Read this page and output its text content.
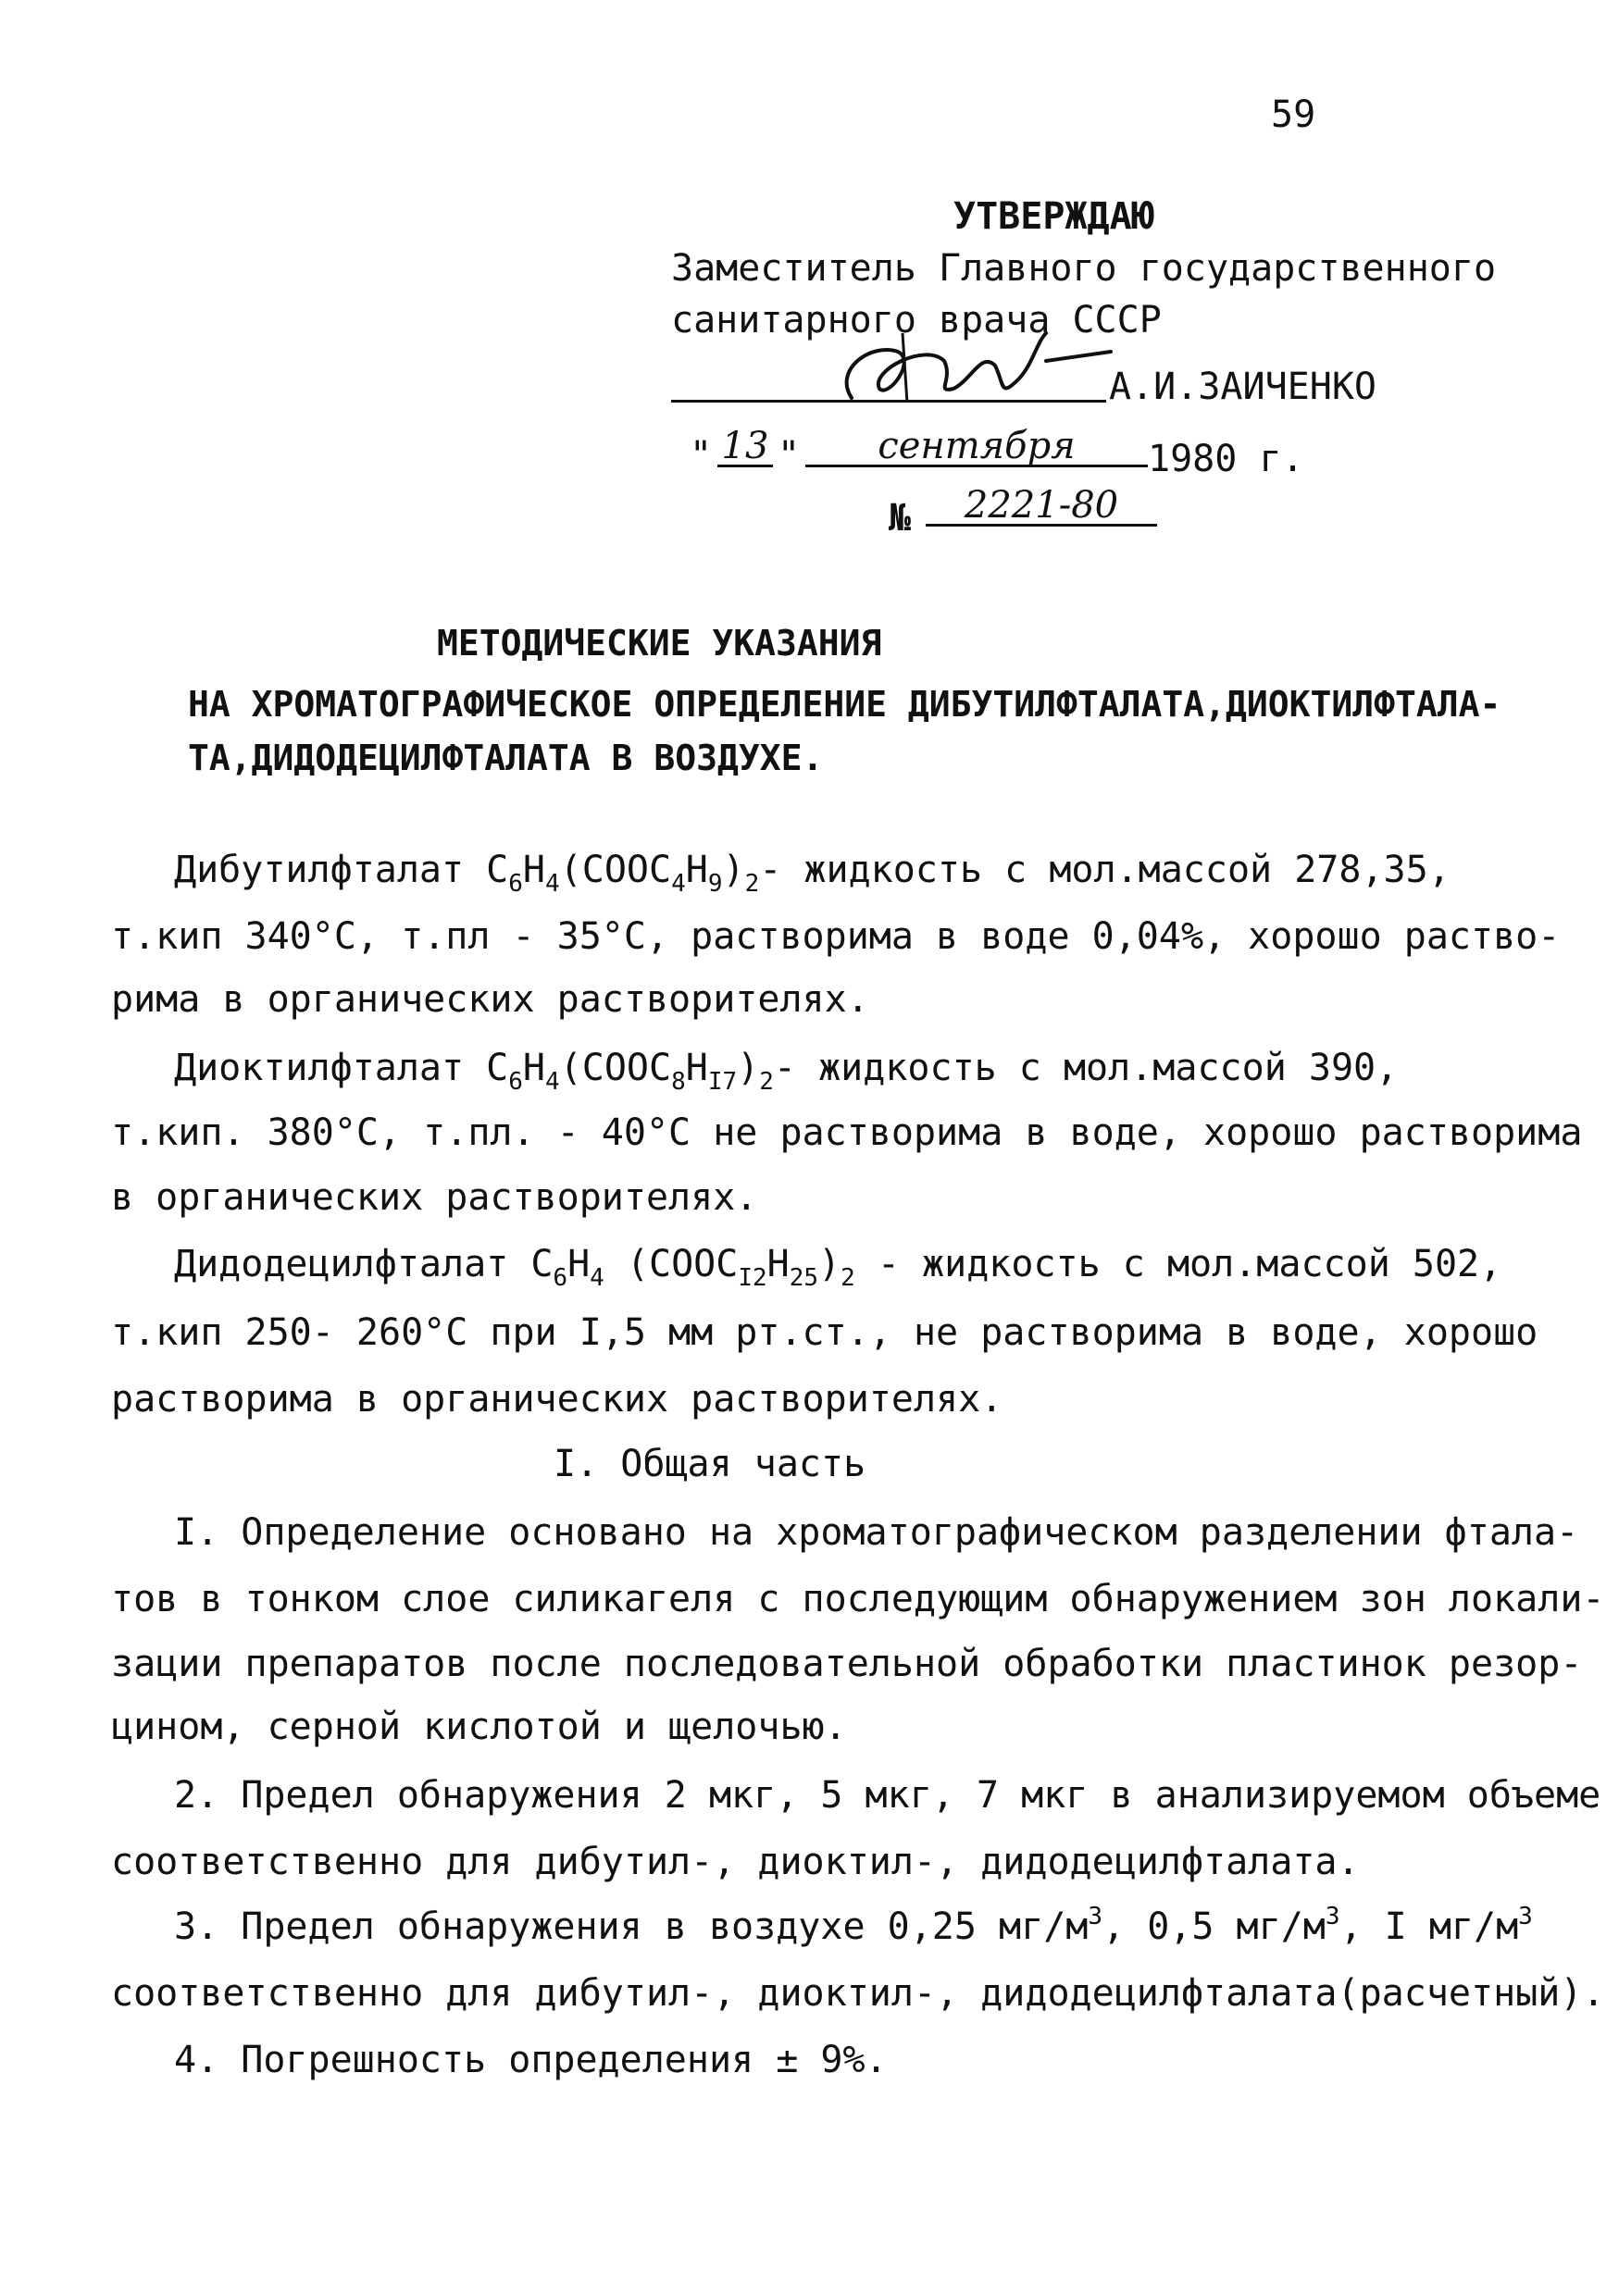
59
УТВЕРЖДАЮ
Заместитель Главного государственного
санитарного врача СССР
А.И.ЗАИЧЕНКО
" 13 "	сентября	1980 г.
№	2221-80
МЕТОДИЧЕСКИЕ УКАЗАНИЯ
НА ХРОМАТОГРАФИЧЕСКОЕ ОПРЕДЕЛЕНИЕ ДИБУТИЛФТАЛАТА,ДИОКТИЛФТАЛА-
ТА,ДИДОДЕЦИЛФТАЛАТА В ВОЗДУХЕ.
Дибутилфталат $C_6H_4(COOC_4H_9)_2-$ жидкость с мол.массой 278,35,
т.кип 340°С, т.пл - 35°С, растворима в воде 0,04%, хорошо раство-
рима в органических растворителях.
Диоктилфталат $C_6H_4(COOC_8H_{I7})_2-$ жидкость с мол.массой 390,
т.кип. 380°С, т.пл. - 40°С не растворима в воде, хорошо растворима
в органических растворителях.
Дидодецилфталат $C_6H_4$ $(COOC_{I2}H_{25})_2$ - жидкость с мол.массой 502,
т.кип 250- 260°С при I,5 мм рт.ст., не растворима в воде, хорошо
растворима в органических растворителях.
I. Общая часть
I. Определение основано на хроматографическом разделении фтала-
тов в тонком слое силикагеля с последующим обнаружением зон локали-
зации препаратов после последовательной обработки пластинок резор-
цином, серной кислотой и щелочью.
2. Предел обнаружения 2 мкг, 5 мкг, 7 мкг в анализируемом объеме
соответственно для дибутил-, диоктил-, дидодецилфталата.
3. Предел обнаружения в воздухе 0,25 $мг/м^3$, 0,5 $мг/м^3$, I $мг/м^3$
соответственно для дибутил-, диоктил-, дидодецилфталата(расчетный).
4. Погрешность определения ± 9%.
